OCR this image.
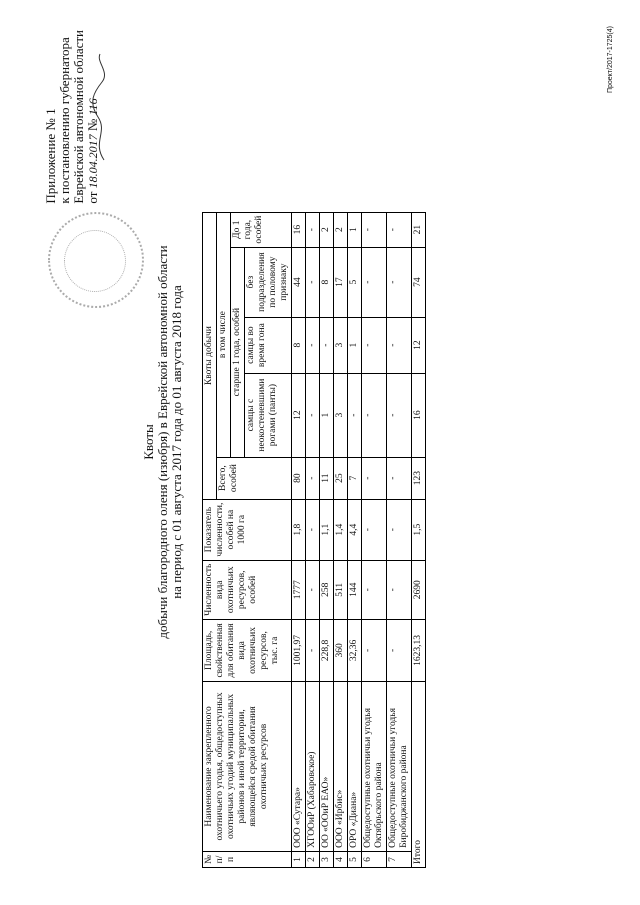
Приложение № 1 к постановлению губернатора Еврейской автономной области от 18.04.2017 № 116
Квоты добычи благородного оленя (изюбря) в Еврейской автономной области на период с 01 августа 2017 года до 01 августа 2018 года
№ п/п	Наименование закрепленного охотничьего угодья, общедоступных охотничьих угодий муниципальных районов и иной территории, являющейся средой обитания охотничьих ресурсов	Площадь, свойственная для обитания вида охотничьих ресурсов, тыс. га	Численность вида охотничьих ресурсов, особей	Показатель численности, особей на 1000 га	Квоты добычи				
					Всего, особей	в том числе			
						старше 1 года, особей			До 1 года, особей
						самцы с неокостеневшими рогами (панты)	самцы во время гона	без подразделения по половому признаку	
1	ООО «Сутара»	1001,97	1777	1,8	80	12	8	44	16
2	ХГООиР (Хабаровское)	-	-	-	-	-	-	-	-
3	ОО «ООиР ЕАО»	228,8	258	1,1	11	1	-	8	2
4	ООО «Ирбис»	360	511	1,4	25	3	3	17	2
5	ОРО «Диана»	32,36	144	4,4	7	-	1	5	1
6	Общедоступные охотничьи угодья Октябрьского района	-	-	-	-	-	-	-	-
7	Общедоступные охотничьи угодья Биробиджанского района	-	-	-	-	-	-	-	-
Итого		1623,13	2690	1,5	123	16	12	74	21
Проект/2017-1725(4)
